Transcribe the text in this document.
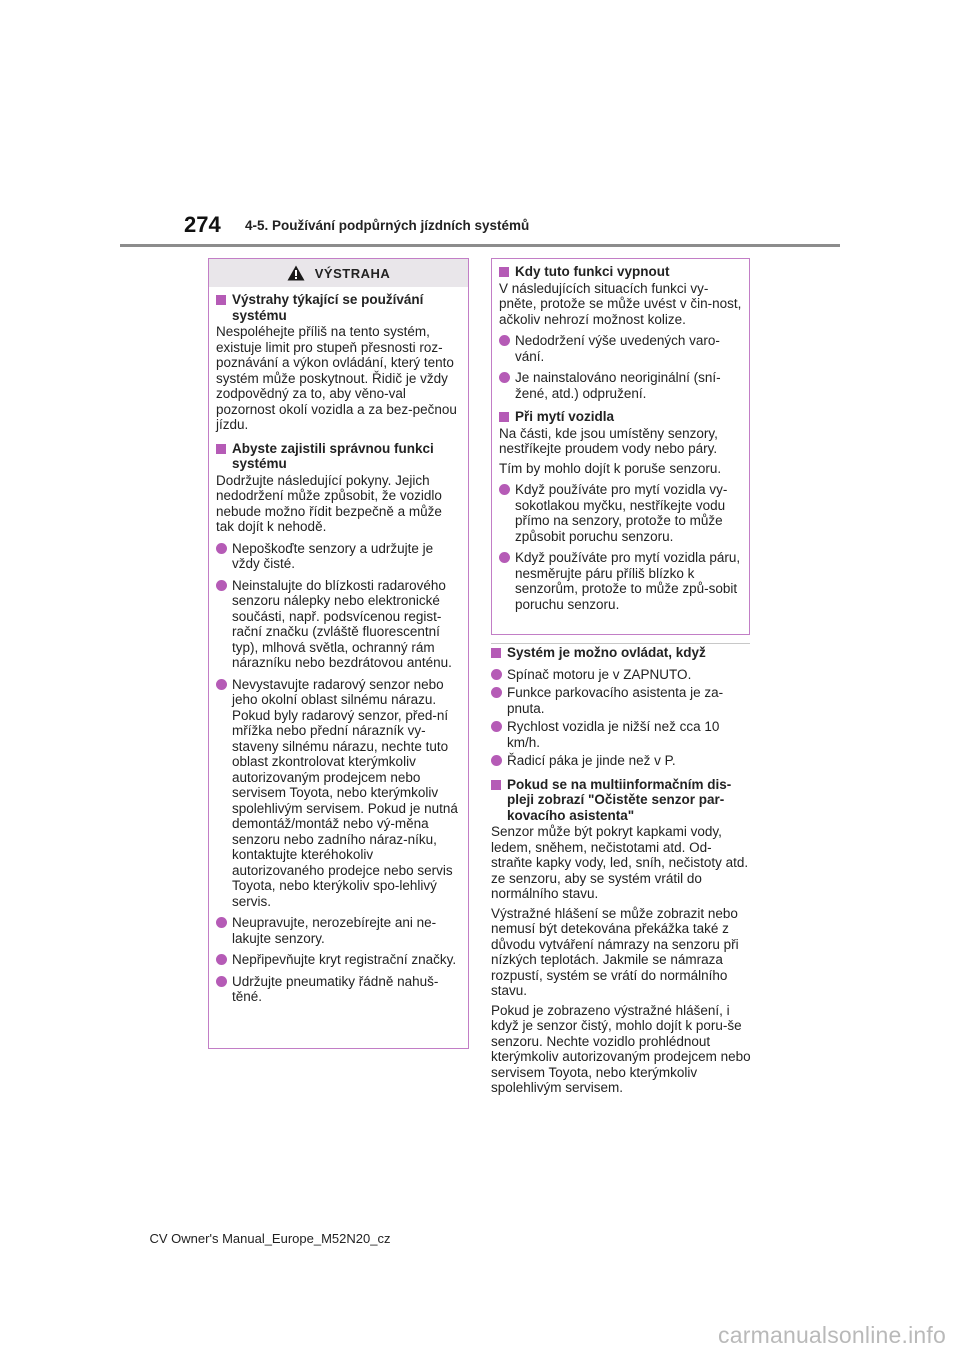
274 4-5. Používání podpůrných jízdních systémů
VÝSTRAHA
Výstrahy týkající se používání systému
Nespoléhejte příliš na tento systém, existuje limit pro stupeň přesnosti roz-poznávání a výkon ovládání, který tento systém může poskytnout. Řidič je vždy zodpovědný za to, aby věno-val pozornost okolí vozidla a za bez-pečnou jízdu.
Abyste zajistili správnou funkci systému
Dodržujte následující pokyny. Jejich nedodržení může způsobit, že vozidlo nebude možno řídit bezpečně a může tak dojít k nehodě.
Nepoškoďte senzory a udržujte je vždy čisté.
Neinstalujte do blízkosti radarového senzoru nálepky nebo elektronické součásti, např. podsvícenou regist-rační značku (zvláště fluorescentní typ), mlhová světla, ochranný rám nárazníku nebo bezdrátovou anténu.
Nevystavujte radarový senzor nebo jeho okolní oblast silnému nárazu. Pokud byly radarový senzor, před-ní mřížka nebo přední nárazník vy-staveny silnému nárazu, nechte tuto oblast zkontrolovat kterýmkoliv autorizovaným prodejcem nebo servisem Toyota, nebo kterýmkoliv spolehlivým servisem. Pokud je nutná demontáž/montáž nebo vý-měna senzoru nebo zadního náraz-níku, kontaktujte kteréhokoliv autorizovaného prodejce nebo servis Toyota, nebo kterýkoliv spo-lehlivý servis.
Neupravujte, nerozebírejte ani ne-lakujte senzory.
Nepřipevňujte kryt registrační značky.
Udržujte pneumatiky řádně nahuš-těné.
Kdy tuto funkci vypnout
V následujících situacích funkci vy-pněte, protože se může uvést v čin-nost, ačkoliv nehrozí možnost kolize.
Nedodržení výše uvedených varo-vání.
Je nainstalováno neoriginální (sní-žené, atd.) odpružení.
Při mytí vozidla
Na části, kde jsou umístěny senzory, nestříkejte proudem vody nebo páry.
Tím by mohlo dojít k poruše senzoru.
Když používáte pro mytí vozidla vy-sokotlakou myčku, nestříkejte vodu přímo na senzory, protože to může způsobit poruchu senzoru.
Když používáte pro mytí vozidla páru, nesměrujte páru příliš blízko k senzorům, protože to může způ-sobit poruchu senzoru.
Systém je možno ovládat, když
Spínač motoru je v ZAPNUTO.
Funkce parkovacího asistenta je za-pnuta.
Rychlost vozidla je nižší než cca 10 km/h.
Řadicí páka je jinde než v P.
Pokud se na multiinformačním dis-pleji zobrazí "Očistěte senzor par-kovacího asistenta"
Senzor může být pokryt kapkami vody, ledem, sněhem, nečistotami atd. Od-straňte kapky vody, led, sníh, nečistoty atd. ze senzoru, aby se systém vrátil do normálního stavu.
Výstražné hlášení se může zobrazit nebo nemusí být detekována překážka také z důvodu vytváření námrazy na senzoru při nízkých teplotách. Jakmile se námraza rozpustí, systém se vrátí do normálního stavu.
Pokud je zobrazeno výstražné hlášení, i když je senzor čistý, mohlo dojít k poru-še senzoru. Nechte vozidlo prohlédnout kterýmkoliv autorizovaným prodejcem nebo servisem Toyota, nebo kterýmkoliv spolehlivým servisem.
CV Owner's Manual_Europe_M52N20_cz
carmanualsonline.info
